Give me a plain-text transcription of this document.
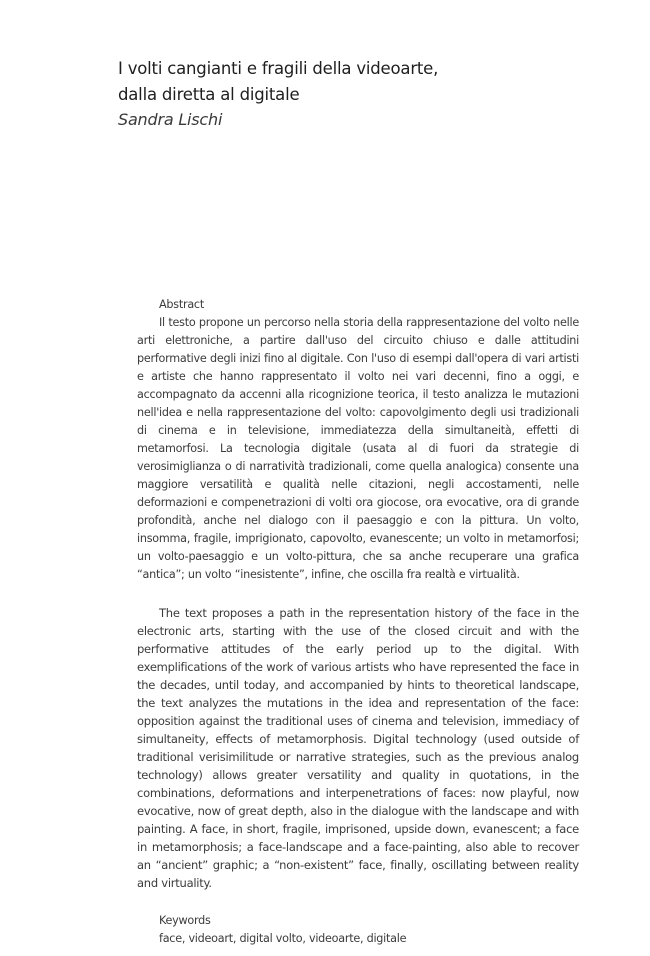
I volti cangianti e fragili della videoarte,
dalla diretta al digitale
Sandra Lischi
Abstract

Il testo propone un percorso nella storia della rappresentazione del volto nelle arti elettroniche, a partire dall'uso del circuito chiuso e dalle attitudini performative degli inizi fino al digitale. Con l'uso di esempi dall'opera di vari artisti e artiste che hanno rappresentato il volto nei vari decenni, fino a oggi, e accompagnato da accenni alla ricognizione teorica, il testo analizza le mutazioni nell'idea e nella rappresentazione del volto: capovolgimento degli usi tradizionali di cinema e in televisione, immediatezza della simultaneità, effetti di metamorfosi. La tecnologia digitale (usata al di fuori da strategie di verosimiglianza o di narratività tradizionali, come quella analogica) consente una maggiore versatilità e qualità nelle citazioni, negli accostamenti, nelle deformazioni e compenetrazioni di volti ora giocose, ora evocative, ora di grande profondità, anche nel dialogo con il paesaggio e con la pittura. Un volto, insomma, fragile, imprigionato, capovolto, evanescente; un volto in metamorfosi; un volto-paesaggio e un volto-pittura, che sa anche recuperare una grafica “antica”; un volto “inesistente”, infine, che oscilla fra realtà e virtualità.

The text proposes a path in the representation history of the face in the electronic arts, starting with the use of the closed circuit and with the performative attitudes of the early period up to the digital. With exemplifications of the work of various artists who have represented the face in the decades, until today, and accompanied by hints to theoretical landscape, the text analyzes the mutations in the idea and representation of the face: opposition against the traditional uses of cinema and television, immediacy of simultaneity, effects of metamorphosis. Digital technology (used outside of traditional verisimilitude or narrative strategies, such as the previous analog technology) allows greater versatility and quality in quotations, in the combinations, deformations and interpenetrations of faces: now playful, now evocative, now of great depth, also in the dialogue with the landscape and with painting. A face, in short, fragile, imprisoned, upside down, evanescent; a face in metamorphosis; a face-landscape and a face-painting, also able to recover an “ancient” graphic; a “non-existent” face, finally, oscillating between reality and virtuality.

Keywords
face, videoart, digital volto, videoarte, digitale
